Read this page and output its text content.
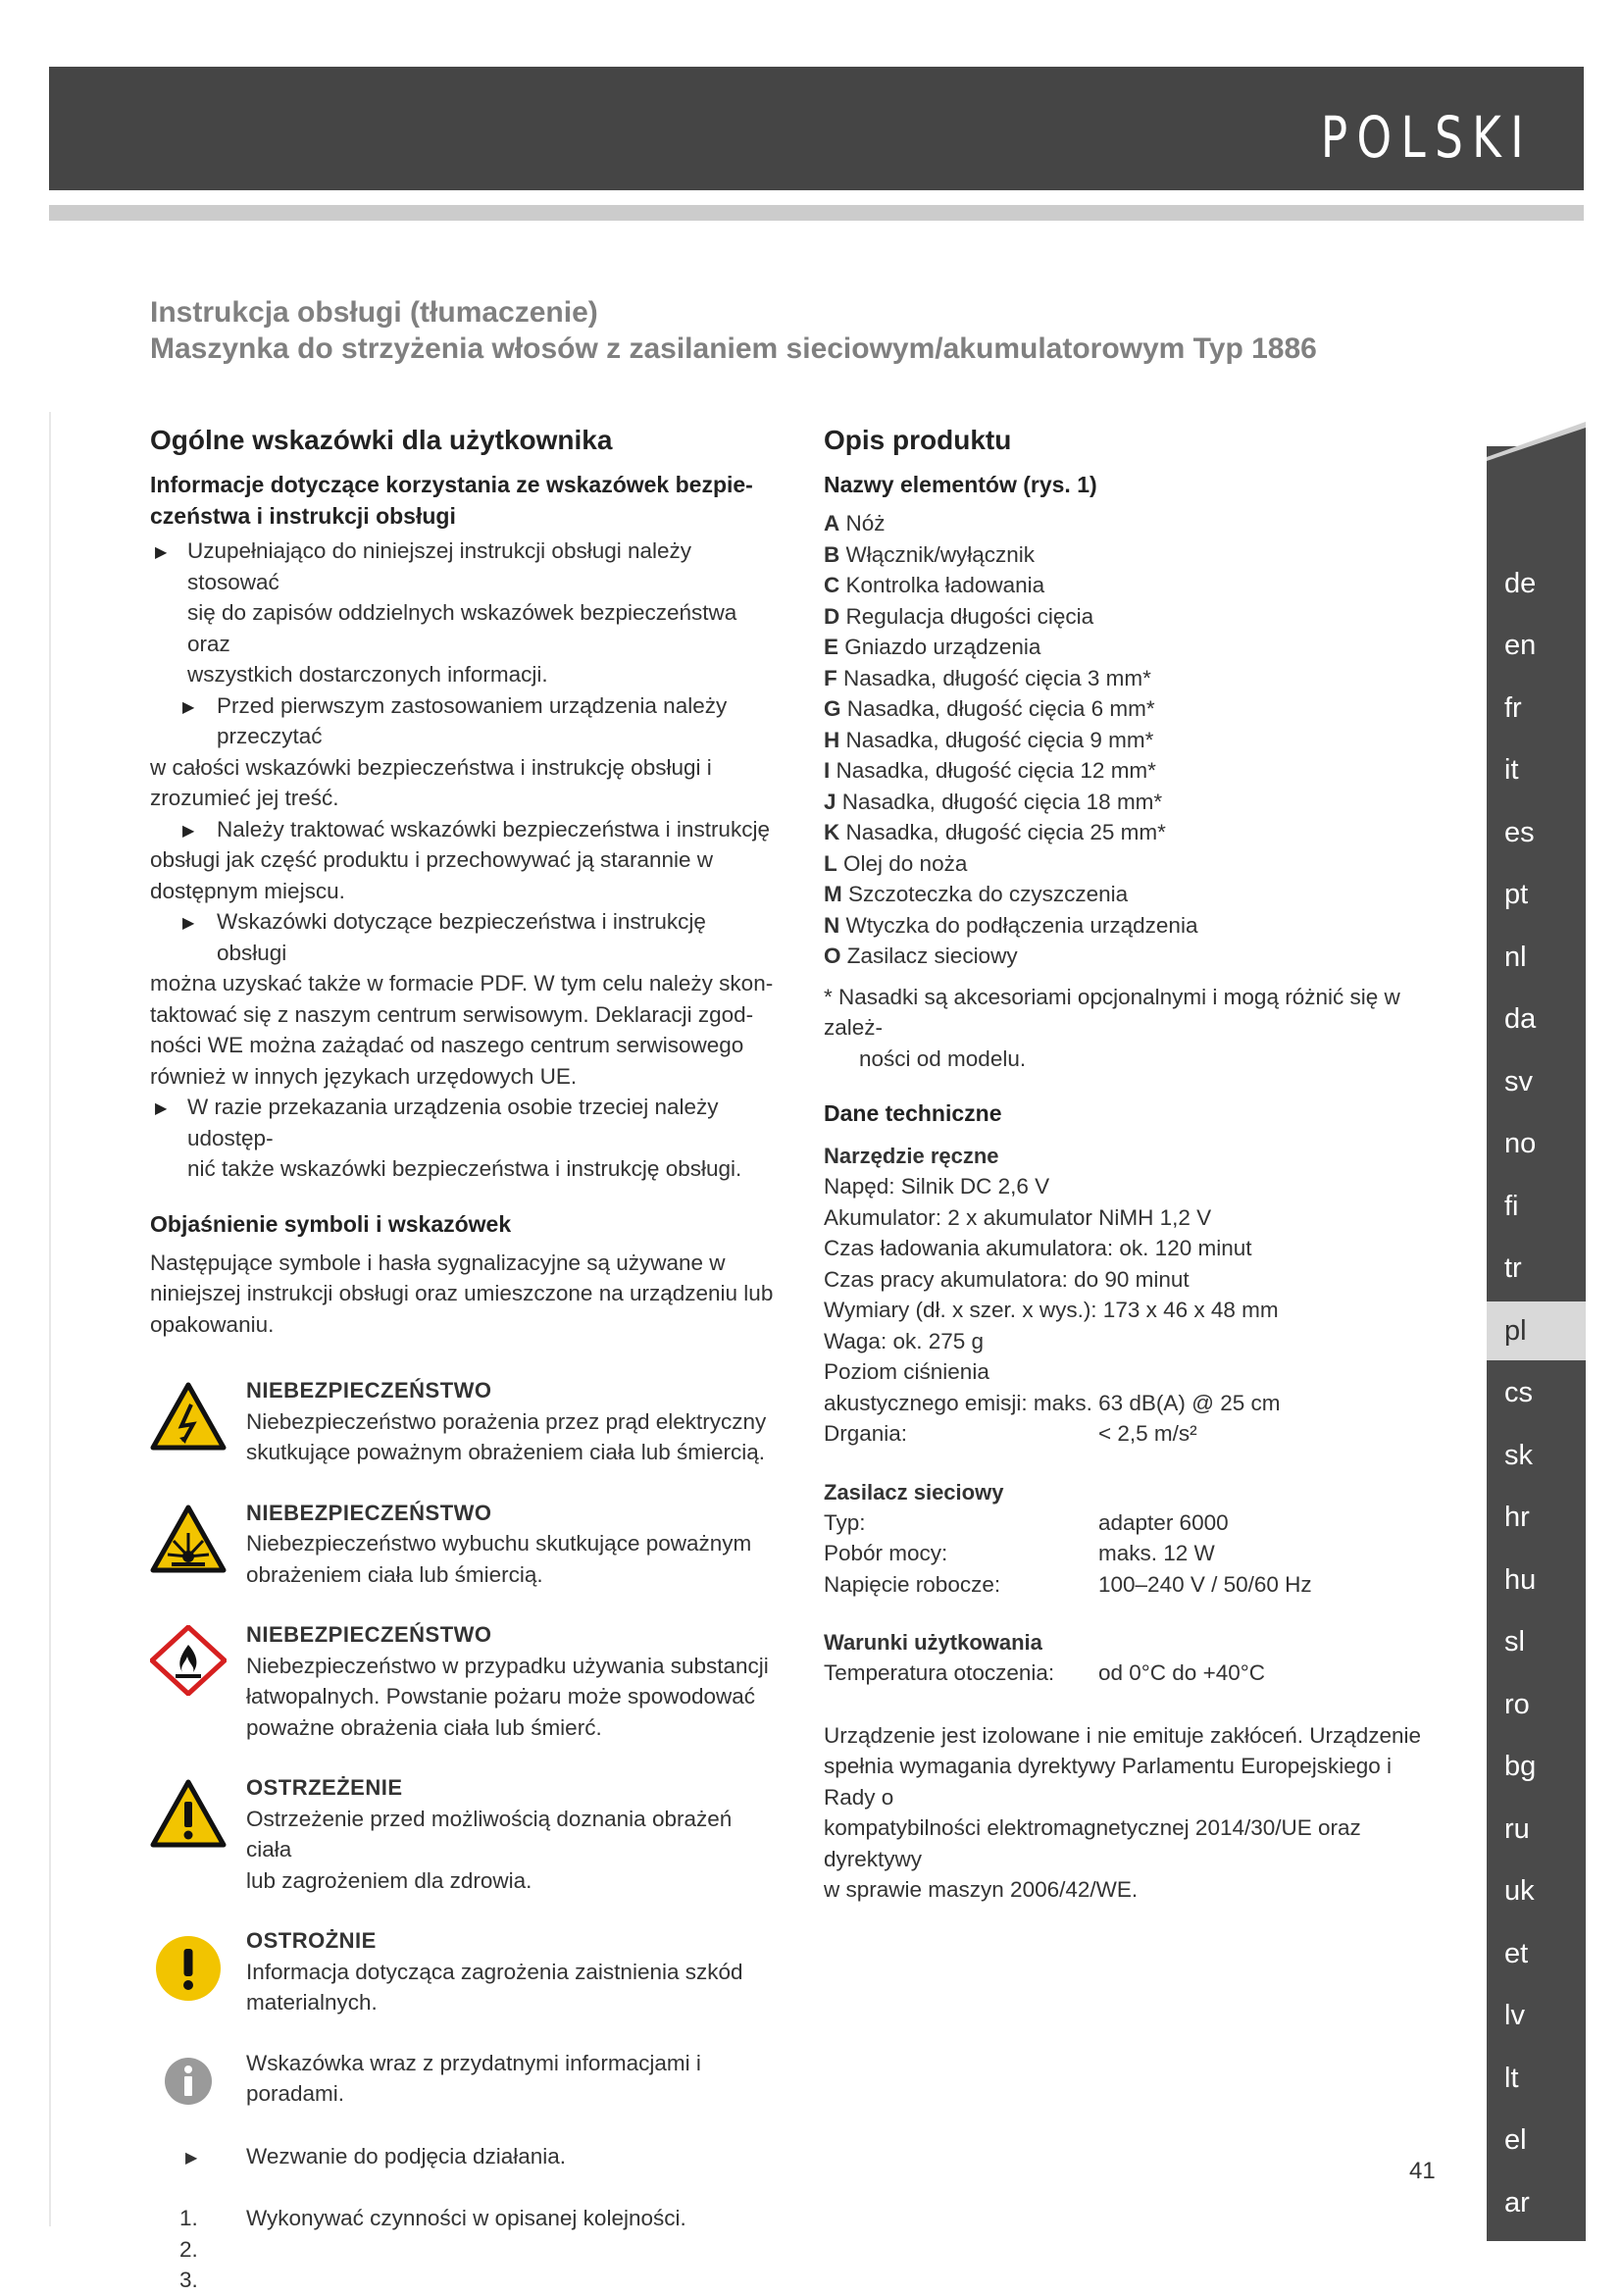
POLSKI
Instrukcja obsługi (tłumaczenie)
Maszynka do strzyżenia włosów z zasilaniem sieciowym/akumulatorowym Typ 1886
Ogólne wskazówki dla użytkownika
Informacje dotyczące korzystania ze wskazówek bezpie-
czeństwa i instrukcji obsługi
▶ Uzupełniająco do niniejszej instrukcji obsługi należy stosować
się do zapisów oddzielnych wskazówek bezpieczeństwa oraz
wszystkich dostarczonych informacji.
▶	Przed pierwszym zastosowaniem urządzenia należy przeczytać
w całości wskazówki bezpieczeństwa i instrukcję obsługi i
zrozumieć jej treść.
▶	Należy traktować wskazówki bezpieczeństwa i instrukcję
obsługi jak część produktu i przechowywać ją starannie w
dostępnym miejscu.
▶	Wskazówki dotyczące bezpieczeństwa i instrukcję obsługi
można uzyskać także w formacie PDF. W tym celu należy skon-
taktować się z naszym centrum serwisowym. Deklaracji zgod-
ności WE można zażądać od naszego centrum serwisowego
również w innych językach urzędowych UE.
▶ W razie przekazania urządzenia osobie trzeciej należy udostęp-
nić także wskazówki bezpieczeństwa i instrukcję obsługi.
Objaśnienie symboli i wskazówek
Następujące symbole i hasła sygnalizacyjne są używane w
niniejszej instrukcji obsługi oraz umieszczone na urządzeniu lub
opakowaniu.
NIEBEZPIECZEŃSTWO
Niebezpieczeństwo porażenia przez prąd elektryczny
skutkujące poważnym obrażeniem ciała lub śmiercią.
NIEBEZPIECZEŃSTWO
Niebezpieczeństwo wybuchu skutkujące poważnym
obrażeniem ciała lub śmiercią.
NIEBEZPIECZEŃSTWO
Niebezpieczeństwo w przypadku używania substancji
łatwopalnych. Powstanie pożaru może spowodować
poważne obrażenia ciała lub śmierć.
OSTRZEŻENIE
Ostrzeżenie przed możliwością doznania obrażeń ciała
lub zagrożeniem dla zdrowia.
OSTROŻNIE
Informacja dotycząca zagrożenia zaistnienia szkód
materialnych.
Wskazówka wraz z przydatnymi informacjami i poradami.
▶	Wezwanie do podjęcia działania.
1.
2.
3.
Wykonywać czynności w opisanej kolejności.
Opis produktu
Nazwy elementów (rys. 1)
A Nóż
B Włącznik/wyłącznik
C Kontrolka ładowania
D Regulacja długości cięcia
E Gniazdo urządzenia
F Nasadka, długość cięcia 3 mm*
G Nasadka, długość cięcia 6 mm*
H Nasadka, długość cięcia 9 mm*
I Nasadka, długość cięcia 12 mm*
J Nasadka, długość cięcia 18 mm*
K Nasadka, długość cięcia 25 mm*
L Olej do noża
M Szczoteczka do czyszczenia
N Wtyczka do podłączenia urządzenia
O Zasilacz sieciowy
* Nasadki są akcesoriami opcjonalnymi i mogą różnić się w zależ-
ności od modelu.
Dane techniczne
Narzędzie ręczne
Napęd: Silnik DC 2,6 V
Akumulator: 2 x akumulator NiMH 1,2 V
Czas ładowania akumulatora: ok. 120 minut
Czas pracy akumulatora: do 90 minut
Wymiary (dł. x szer. x wys.): 173 x 46 x 48 mm
Waga: ok. 275 g
Poziom ciśnienia
akustycznego emisji: maks. 63 dB(A) @ 25 cm
Drgania:	< 2,5 m/s²
Zasilacz sieciowy
Typ:	adapter 6000
Pobór mocy:	maks. 12 W
Napięcie robocze:	100–240 V / 50/60 Hz
Warunki użytkowania
Temperatura otoczenia:	od 0°C do +40°C
Urządzenie jest izolowane i nie emituje zakłóceń. Urządzenie
spełnia wymagania dyrektywy Parlamentu Europejskiego i Rady o
kompatybilności elektromagnetycznej 2014/30/UE oraz dyrektywy
w sprawie maszyn 2006/42/WE.
de
en
fr
it
es
pt
nl
da
sv
no
fi
tr
pl
cs
sk
hr
hu
sl
ro
bg
ru
uk
et
lv
lt
el
ar
41
